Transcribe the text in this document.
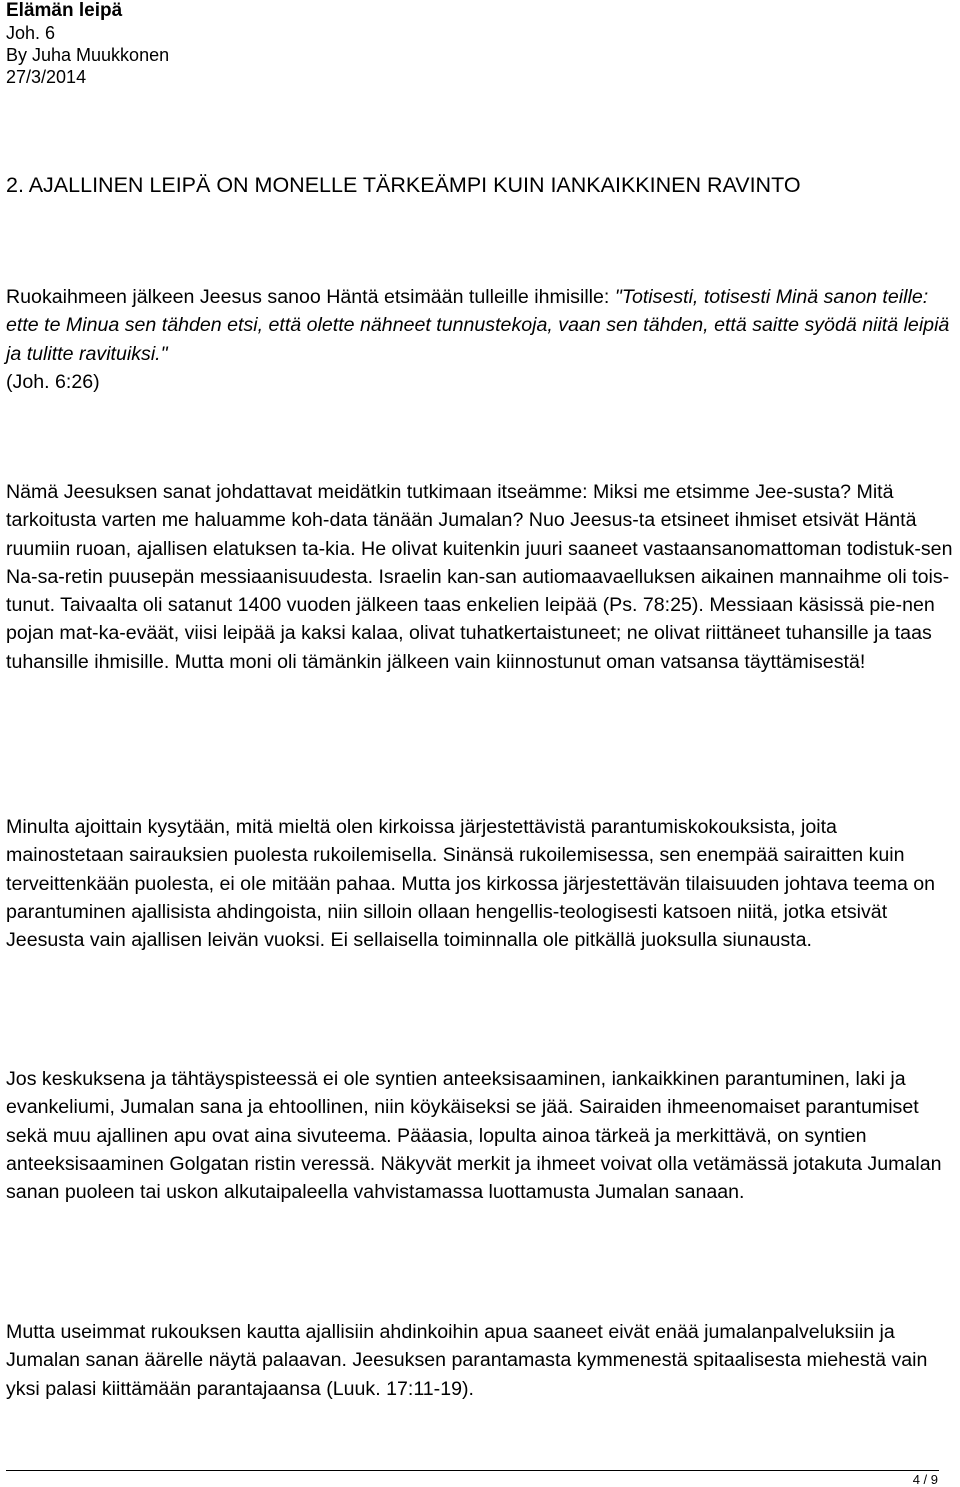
Elämän leipä
Joh. 6
By Juha Muukkonen
27/3/2014
2. AJALLINEN LEIPÄ ON MONELLE TÄRKEÄMPI KUIN IANKAIKKINEN RAVINTO

Ruokaihmeen jälkeen Jeesus sanoo Häntä etsimään tulleille ihmisille: "Totisesti, totisesti Minä sanon teille: ette te Minua sen tähden etsi, että olette nähneet tunnustekoja, vaan sen tähden, että saitte syödä niitä leipiä ja tulitte ravituiksi."
(Joh. 6:26)

Nämä Jeesuksen sanat johdattavat meidätkin tutkimaan itseämme: Miksi me etsimme Jee-susta? Mitä tarkoitusta varten me haluamme koh-data tänään Jumalan? Nuo Jeesus-ta etsineet ihmiset etsivät Häntä ruumiin ruoan, ajallisen elatuksen ta-kia. He olivat kuitenkin juuri saaneet vastaansanomattoman todistuk-sen Na-sa-retin puusepän messiaanisuudesta. Israelin kan-san autiomaavaelluksen aikainen mannaihme oli tois-tunut. Taivaalta oli satanut 1400 vuoden jälkeen taas enkelien leipää (Ps. 78:25). Messiaan käsissä pie-nen pojan mat-ka-eväät, viisi leipää ja kaksi kalaa, olivat tuhatkertaistuneet; ne olivat riittäneet tuhansille ja taas tuhansille ihmisille. Mutta moni oli tämänkin jälkeen vain kiinnostunut oman vatsansa täyttämisestä!

Minulta ajoittain kysytään, mitä mieltä olen kirkoissa järjestettävistä parantumiskokouksista, joita mainostetaan sairauksien puolesta rukoilemisella. Sinänsä rukoilemisessa, sen enempää sairaitten kuin terveittenkään puolesta, ei ole mitään pahaa. Mutta jos kirkossa järjestettävän tilaisuuden johtava teema on parantuminen ajallisista ahdingoista, niin silloin ollaan hengellis-teologisesti katsoen niitä, jotka etsivät Jeesusta vain ajallisen leivän vuoksi. Ei sellaisella toiminnalla ole pitkällä juoksulla siunausta.

Jos keskuksena ja tähtäyspisteessä ei ole syntien anteeksisaaminen, iankaikkinen parantuminen, laki ja evankeliumi, Jumalan sana ja ehtoollinen, niin köykäiseksi se jää. Sairaiden ihmeenomaiset parantumiset sekä muu ajallinen apu ovat aina sivuteema. Pääasia, lopulta ainoa tärkeä ja merkittävä, on syntien anteeksisaaminen Golgatan ristin veressä. Näkyvät merkit ja ihmeet voivat olla vetämässä jotakuta Jumalan sanan puoleen tai uskon alkutaipaleella vahvistamassa luottamusta Jumalan sanaan.

Mutta useimmat rukouksen kautta ajallisiin ahdinkoihin apua saaneet eivät enää jumalanpalveluksiin ja Jumalan sanan äärelle näytä palaavan. Jeesuksen parantamasta kymmenestä spitaalisesta miehestä vain yksi palasi kiittämään parantajaansa (Luuk. 17:11-19).

4 / 9
